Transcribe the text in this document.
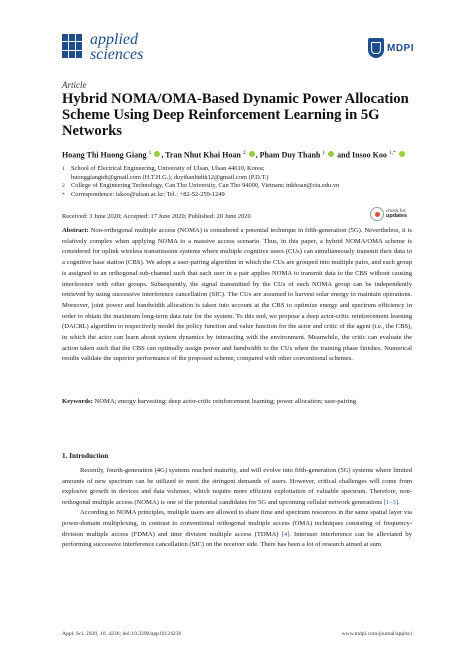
applied
sciences	MDPI
Article
Hybrid NOMA/OMA-Based Dynamic Power Allocation Scheme Using Deep Reinforcement Learning in 5G Networks
Hoang Thi Huong Giang $^1$ , Tran Nhut Khai Hoan $^2$ , Pham Duy Thanh $^1$ and Insoo Koo $^{1,*}$
1 School of Electrical Engineering, University of Ulsan, Ulsan 44610, Korea;
huonggiangtdt@gmail.com (H.T.H.G.); duythanhtdtk12@gmail.com (P.D.T.)
2 College of Engineering Technology, Can Tho University, Can Tho 94000, Vietnam; tnkhoan@ctu.edu.vn
* Correspondence: iskoo@ulsan.ac.kr; Tel.: +82-52-259-1249
Received: 3 June 2020; Accepted: 17 June 2020; Published: 20 June 2020
check for
updates

Abstract: Non-orthogonal multiple access (NOMA) is considered a potential technique in fifth-generation (5G). Nevertheless, it is relatively complex when applying NOMA to a massive access scenario. Thus, in this paper, a hybrid NOMA/OMA scheme is considered for uplink wireless transmission systems where multiple cognitive users (CUs) can simultaneously transmit their data to a cognitive base station (CBS). We adopt a user-pairing algorithm in which the CUs are grouped into multiple pairs, and each group is assigned to an orthogonal sub-channel such that each user in a pair applies NOMA to transmit data to the CBS without causing interference with other groups. Subsequently, the signal transmitted by the CUs of each NOMA group can be independently retrieved by using successive interference cancellation (SIC). The CUs are assumed to harvest solar energy to maintain operations. Moreover, joint power and bandwidth allocation is taken into account at the CBS to optimize energy and spectrum efficiency in order to obtain the maximum long-term data rate for the system. To this end, we propose a deep actor-critic reinforcement learning (DACRL) algorithm to respectively model the policy function and value function for the actor and critic of the agent (i.e., the CBS), in which the actor can learn about system dynamics by interacting with the environment. Meanwhile, the critic can evaluate the action taken such that the CBS can optimally assign power and bandwidth to the CUs when the training phase finishes. Numerical results validate the superior performance of the proposed scheme, compared with other conventional schemes.

Keywords: NOMA; energy harvesting; deep actor-critic reinforcement learning; power allocation; user-pairing

1. Introduction

Recently, fourth-generation (4G) systems reached maturity, and will evolve into fifth-generation (5G) systems where limited amounts of new spectrum can be utilized to meet the stringent demands of users. However, critical challenges will come from explosive growth in devices and data volumes, which require more efficient exploitation of valuable spectrum. Therefore, non-orthogonal multiple access (NOMA) is one of the potential candidates for 5G and upcoming cellular network generations [1–3].

According to NOMA principles, multiple users are allowed to share time and spectrum resources in the same spatial layer via power-domain multiplexing, in contrast to conventional orthogonal multiple access (OMA) techniques consisting of frequency-division multiple access (FDMA) and time division multiple access (TDMA) [4]. Interuser interference can be alleviated by performing successive interference cancellation (SIC) on the receiver side. There has been a lot of research aimed at sum

Appl. Sci. 2020, 10, 4236; doi:10.3390/app10124236	www.mdpi.com/journal/applsci
